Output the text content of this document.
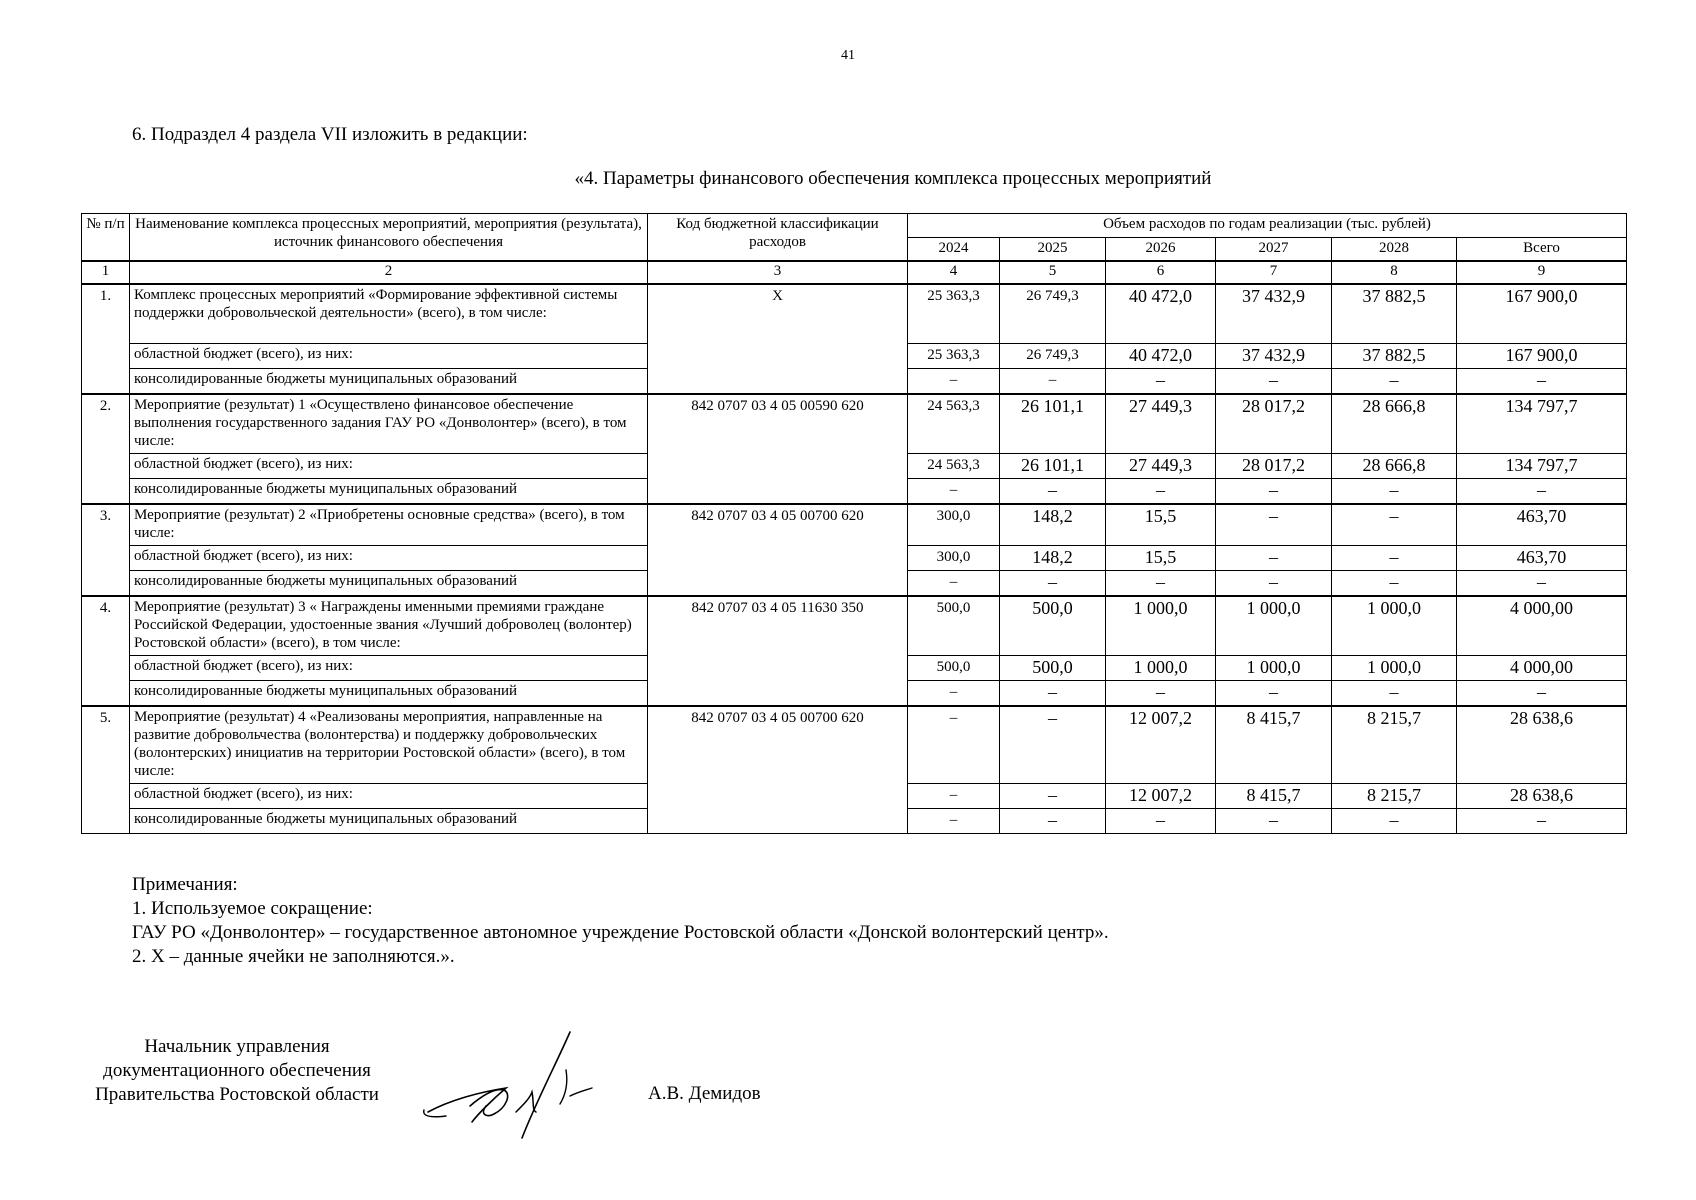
41
6. Подраздел 4 раздела VII изложить в редакции:
«4. Параметры финансового обеспечения комплекса процессных мероприятий
№ п/п	Наименование комплекса процессных мероприятий, мероприятия (результата), источник финансового обеспечения	Код бюджетной классификации расходов	Объем расходов по годам реализации (тыс. рублей)					
			2024	2025	2026	2027	2028	Всего
1	2	3	4	5	6	7	8	9
1.	Комплекс процессных мероприятий «Формирование эффективной системы поддержки добровольческой деятельности» (всего), в том числе:	Х	25 363,3	26 749,3	40 472,0	37 432,9	37 882,5	167 900,0
	областной бюджет (всего), из них:		25 363,3	26 749,3	40 472,0	37 432,9	37 882,5	167 900,0
	консолидированные бюджеты муниципальных образований		–	–	–	–	–	–
2.	Мероприятие (результат) 1 «Осуществлено финансовое обеспечение выполнения государственного задания ГАУ РО «Донволонтер» (всего), в том числе:	842 0707 03 4 05 00590 620	24 563,3	26 101,1	27 449,3	28 017,2	28 666,8	134 797,7
	областной бюджет (всего), из них:		24 563,3	26 101,1	27 449,3	28 017,2	28 666,8	134 797,7
	консолидированные бюджеты муниципальных образований		–	–	–	–	–	–
3.	Мероприятие (результат) 2 «Приобретены основные средства» (всего), в том числе:	842 0707 03 4 05 00700 620	300,0	148,2	15,5	–	–	463,70
	областной бюджет (всего), из них:		300,0	148,2	15,5	–	–	463,70
	консолидированные бюджеты муниципальных образований		–	–	–	–	–	–
4.	Мероприятие (результат) 3 « Награждены именными премиями граждане Российской Федерации, удостоенные звания «Лучший доброволец (волонтер) Ростовской области» (всего), в том числе:	842 0707 03 4 05 11630 350	500,0	500,0	1 000,0	1 000,0	1 000,0	4 000,00
	областной бюджет (всего), из них:		500,0	500,0	1 000,0	1 000,0	1 000,0	4 000,00
	консолидированные бюджеты муниципальных образований		–	–	–	–	–	–
5.	Мероприятие (результат) 4 «Реализованы мероприятия, направленные на развитие добровольчества (волонтерства) и поддержку добровольческих (волонтерских) инициатив на территории Ростовской области» (всего), в том числе:	842 0707 03 4 05 00700 620	–	–	12 007,2	8 415,7	8 215,7	28 638,6
	областной бюджет (всего), из них:		–	–	12 007,2	8 415,7	8 215,7	28 638,6
	консолидированные бюджеты муниципальных образований		–	–	–	–	–	–
Примечания:
1. Используемое сокращение:
ГАУ РО «Донволонтер» – государственное автономное учреждение Ростовской области «Донской волонтерский центр».
2. Х – данные ячейки не заполняются.».
Начальник управления
документационного обеспечения
Правительства Ростовской области	А.В. Демидов
